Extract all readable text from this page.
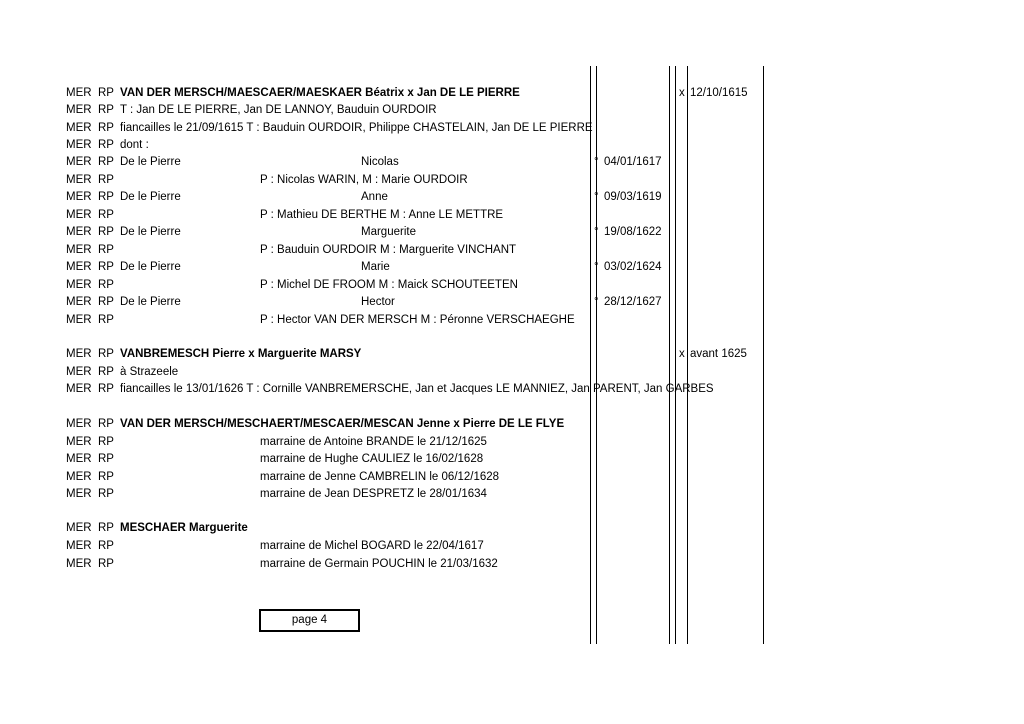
MER RP VAN DER MERSCH/MAESCAER/MAESKAER Béatrix x Jan DE LE PIERRE	x 12/10/1615
MER RP T : Jan DE LE PIERRE, Jan DE LANNOY, Bauduin OURDOIR
MER RP fiancailles le 21/09/1615 T : Bauduin OURDOIR, Philippe CHASTELAIN, Jan DE LE PIERRE
MER RP dont :
MER RP De le Pierre	Nicolas	° 04/01/1617
MER RP	P : Nicolas WARIN, M : Marie OURDOIR
MER RP De le Pierre	Anne	° 09/03/1619
MER RP	P : Mathieu DE BERTHE M : Anne LE METTRE
MER RP De le Pierre	Marguerite	° 19/08/1622
MER RP	P : Bauduin OURDOIR M : Marguerite VINCHANT
MER RP De le Pierre	Marie	° 03/02/1624
MER RP	P : Michel DE FROOM M : Maick SCHOUTEETEN
MER RP De le Pierre	Hector	° 28/12/1627
MER RP	P : Hector VAN DER MERSCH M : Péronne VERSCHAEGHE
MER RP VANBREMESCH Pierre x Marguerite MARSY	x avant 1625
MER RP à Strazeele
MER RP fiancailles le 13/01/1626 T : Cornille VANBREMERSCHE, Jan et Jacques LE MANNIEZ, Jan PARENT, Jan GARBES
MER RP VAN DER MERSCH/MESCHAERT/MESCAER/MESCAN Jenne x Pierre DE LE FLYE
MER RP	marraine de Antoine BRANDE le 21/12/1625
MER RP	marraine de Hughe CAULIEZ le 16/02/1628
MER RP	marraine de Jenne CAMBRELIN le 06/12/1628
MER RP	marraine de Jean DESPRETZ le 28/01/1634
MER RP MESCHAER Marguerite
MER RP	marraine de Michel BOGARD le 22/04/1617
MER RP	marraine de Germain POUCHIN le 21/03/1632
page 4
